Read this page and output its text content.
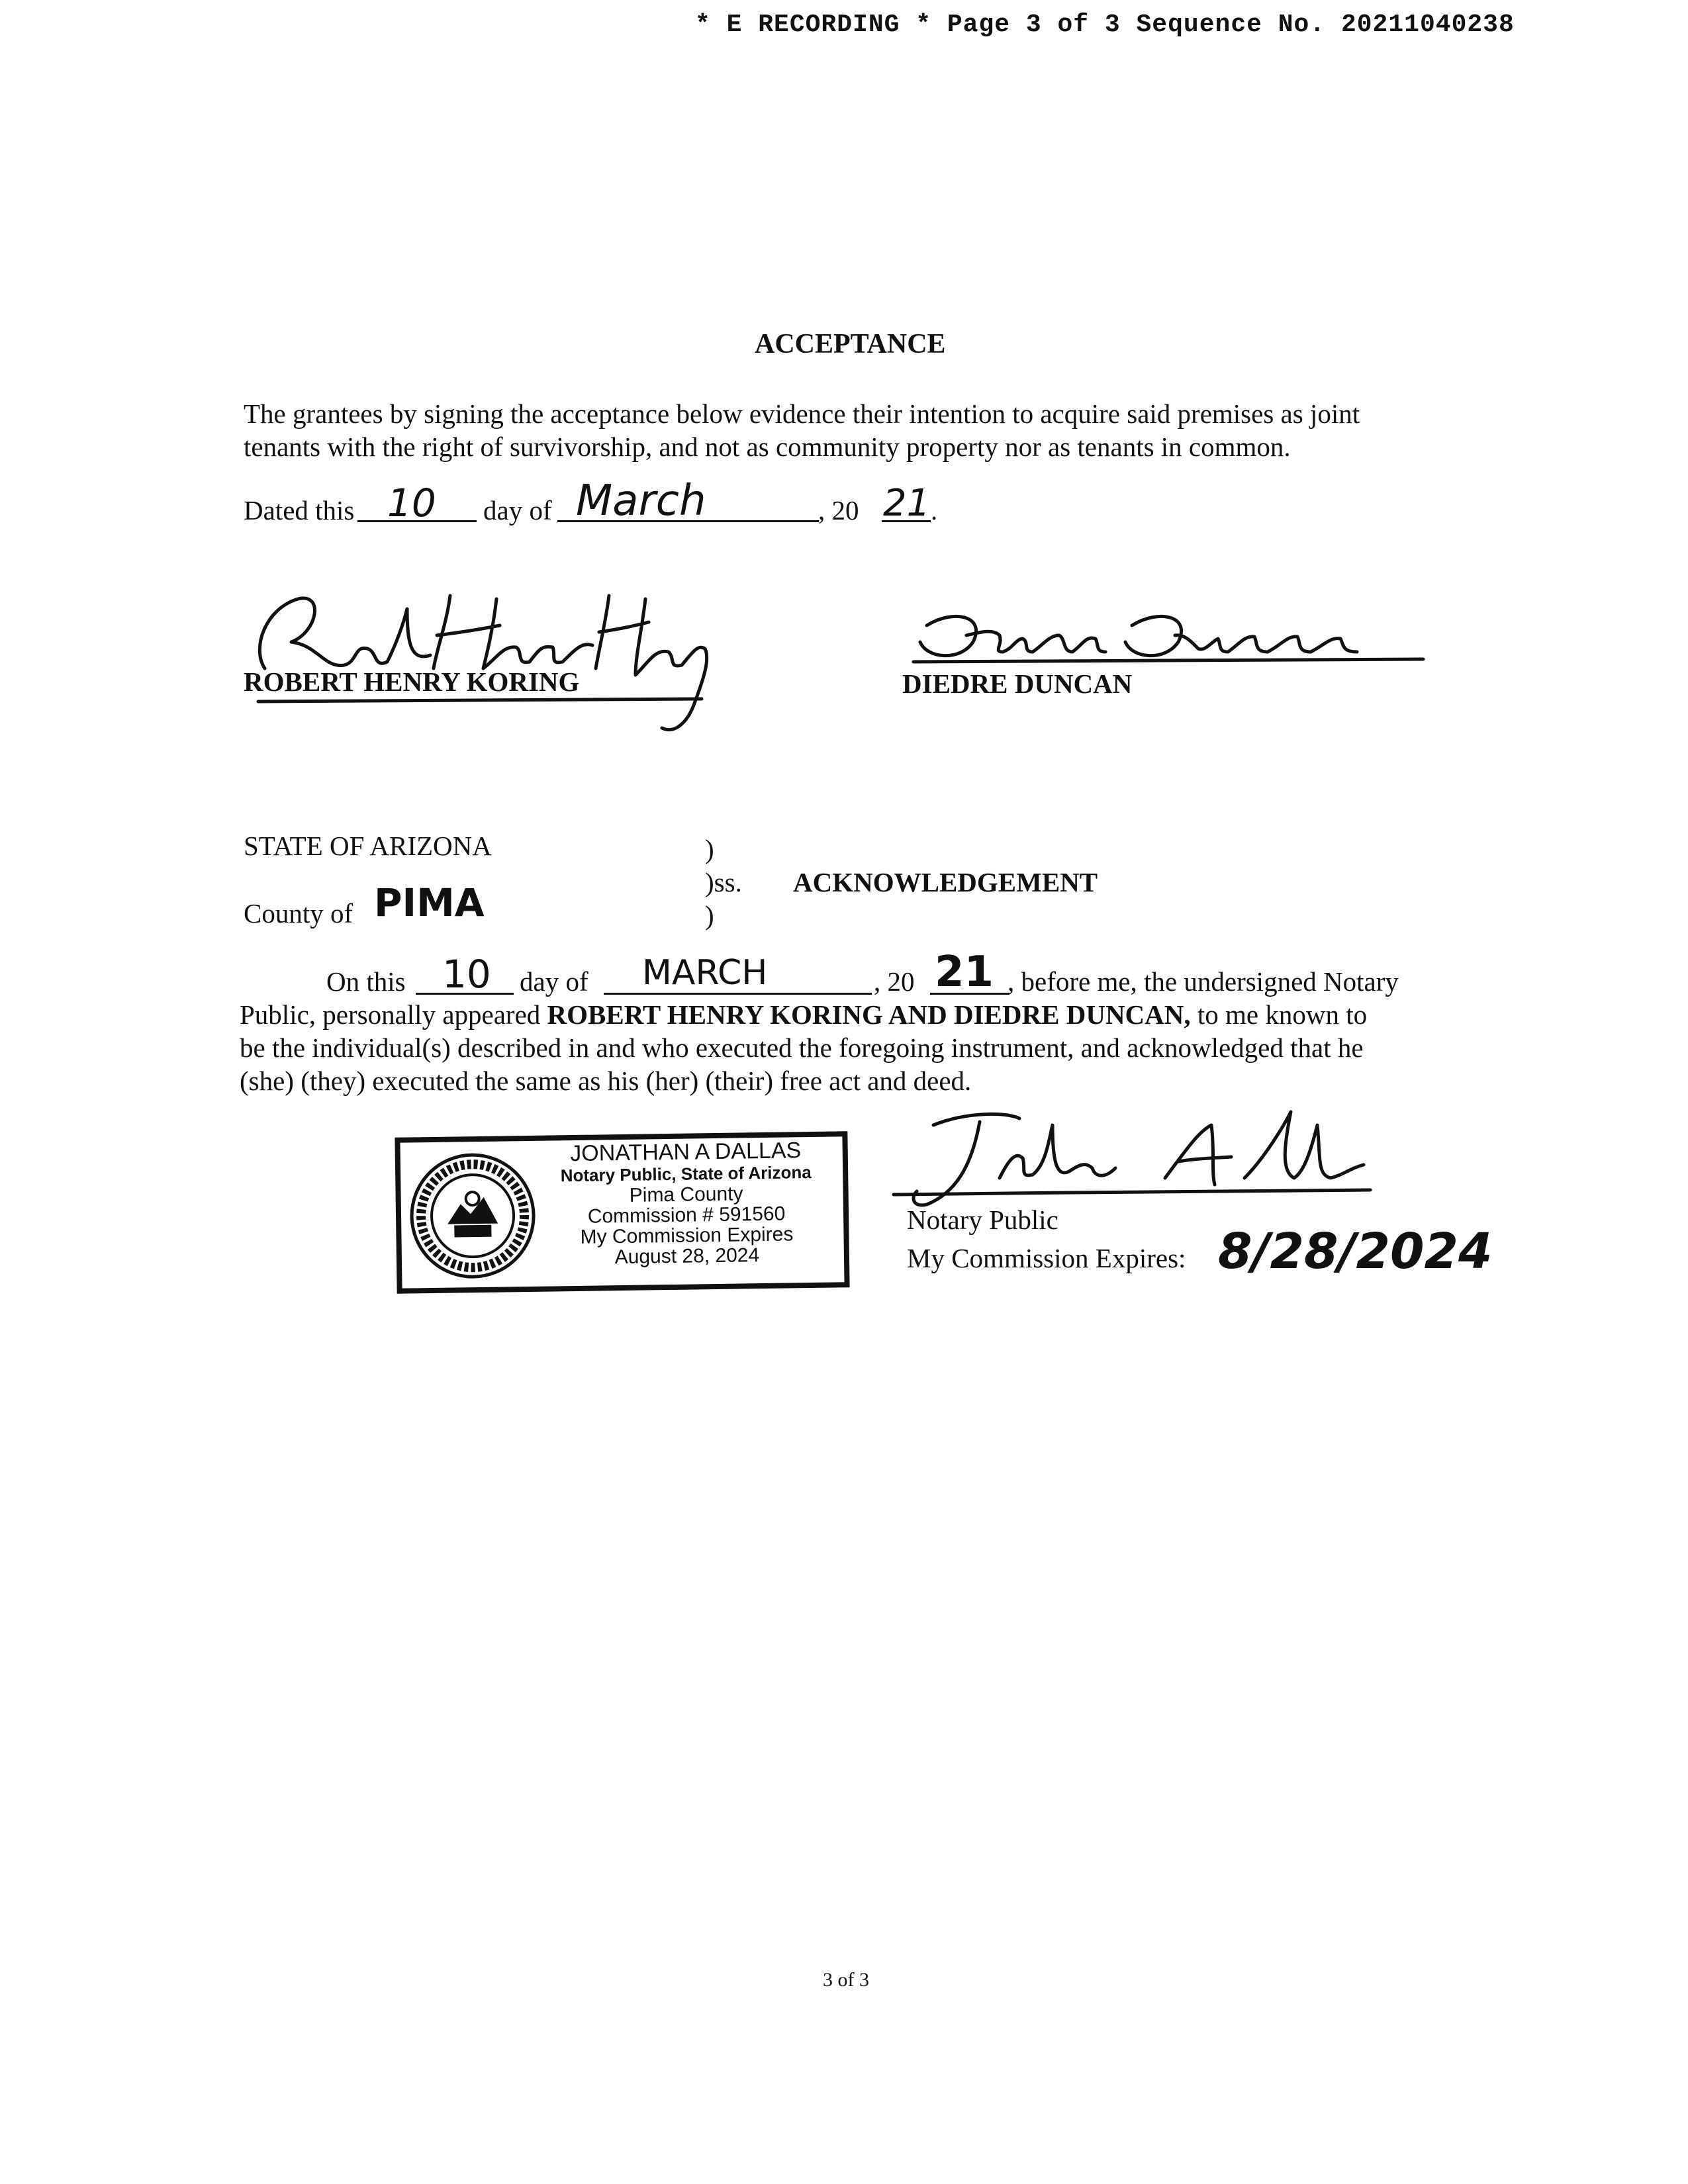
* E RECORDING * Page 3 of 3 Sequence No. 20211040238
ACCEPTANCE
The grantees by signing the acceptance below evidence their intention to acquire said premises as joint
tenants with the right of survivorship, and not as community property nor as tenants in common.
Dated this 10 day of March	, 20 21 .
ROBERT HENRY KORING	DIEDRE DUNCAN
STATE OF ARIZONA	)
)ss. ACKNOWLEDGEMENT
)
County of PIMA
On this 10 day of MARCH	, 20 21 , before me, the undersigned Notary
Public, personally appeared ROBERT HENRY KORING AND DIEDRE DUNCAN, to me known to
be the individual(s) described in and who executed the foregoing instrument, and acknowledged that he
(she) (they) executed the same as his (her) (their) free act and deed.
JONATHAN A DALLAS
Notary Public, State of Arizona
Pima County
Commission # 591560
My Commission Expires
August 28, 2024
Notary Public
My Commission Expires: 8/28/2024
3 of 3
